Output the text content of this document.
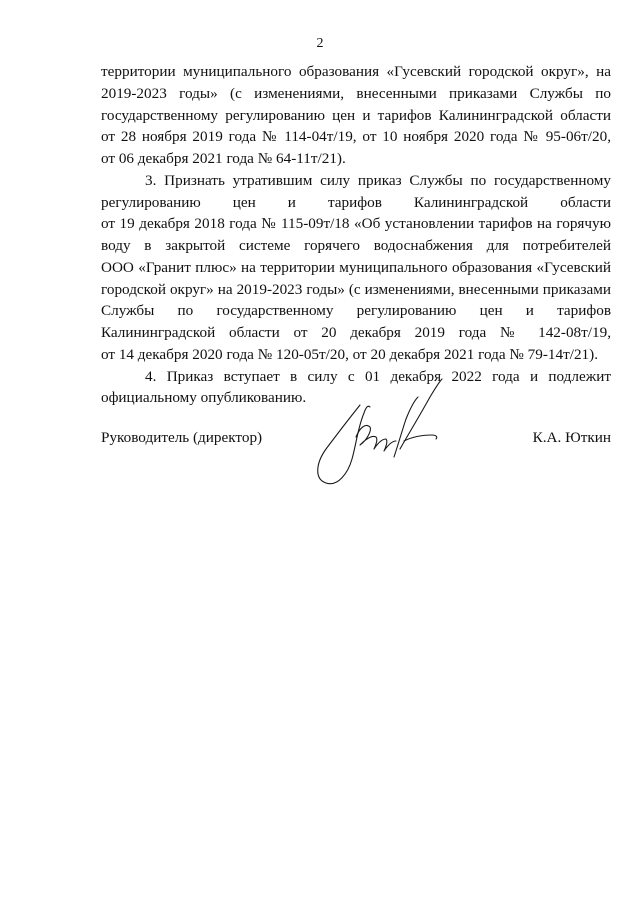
2
территории муниципального образования «Гусевский городской округ», на
2019-2023 годы» (с изменениями, внесенными приказами Службы по
государственному регулированию цен и тарифов Калининградской области
от 28 ноября 2019 года № 114-04т/19, от 10 ноября 2020 года № 95-06т/20,
от 06 декабря 2021 года № 64-11т/21).
3. Признать утратившим силу приказ Службы по государственному
регулированию цен и тарифов Калининградской области
от 19 декабря 2018 года № 115-09т/18 «Об установлении тарифов на горячую
воду в закрытой системе горячего водоснабжения для потребителей
ООО «Гранит плюс» на территории муниципального образования «Гусевский
городской округ» на 2019-2023 годы» (с изменениями, внесенными приказами
Службы по государственному регулированию цен и тарифов
Калининградской области от 20 декабря 2019 года № 142-08т/19,
от 14 декабря 2020 года № 120-05т/20, от 20 декабря 2021 года № 79-14т/21).
4. Приказ вступает в силу с 01 декабря 2022 года и подлежит
официальному опубликованию.
Руководитель (директор)	К.А. Юткин
